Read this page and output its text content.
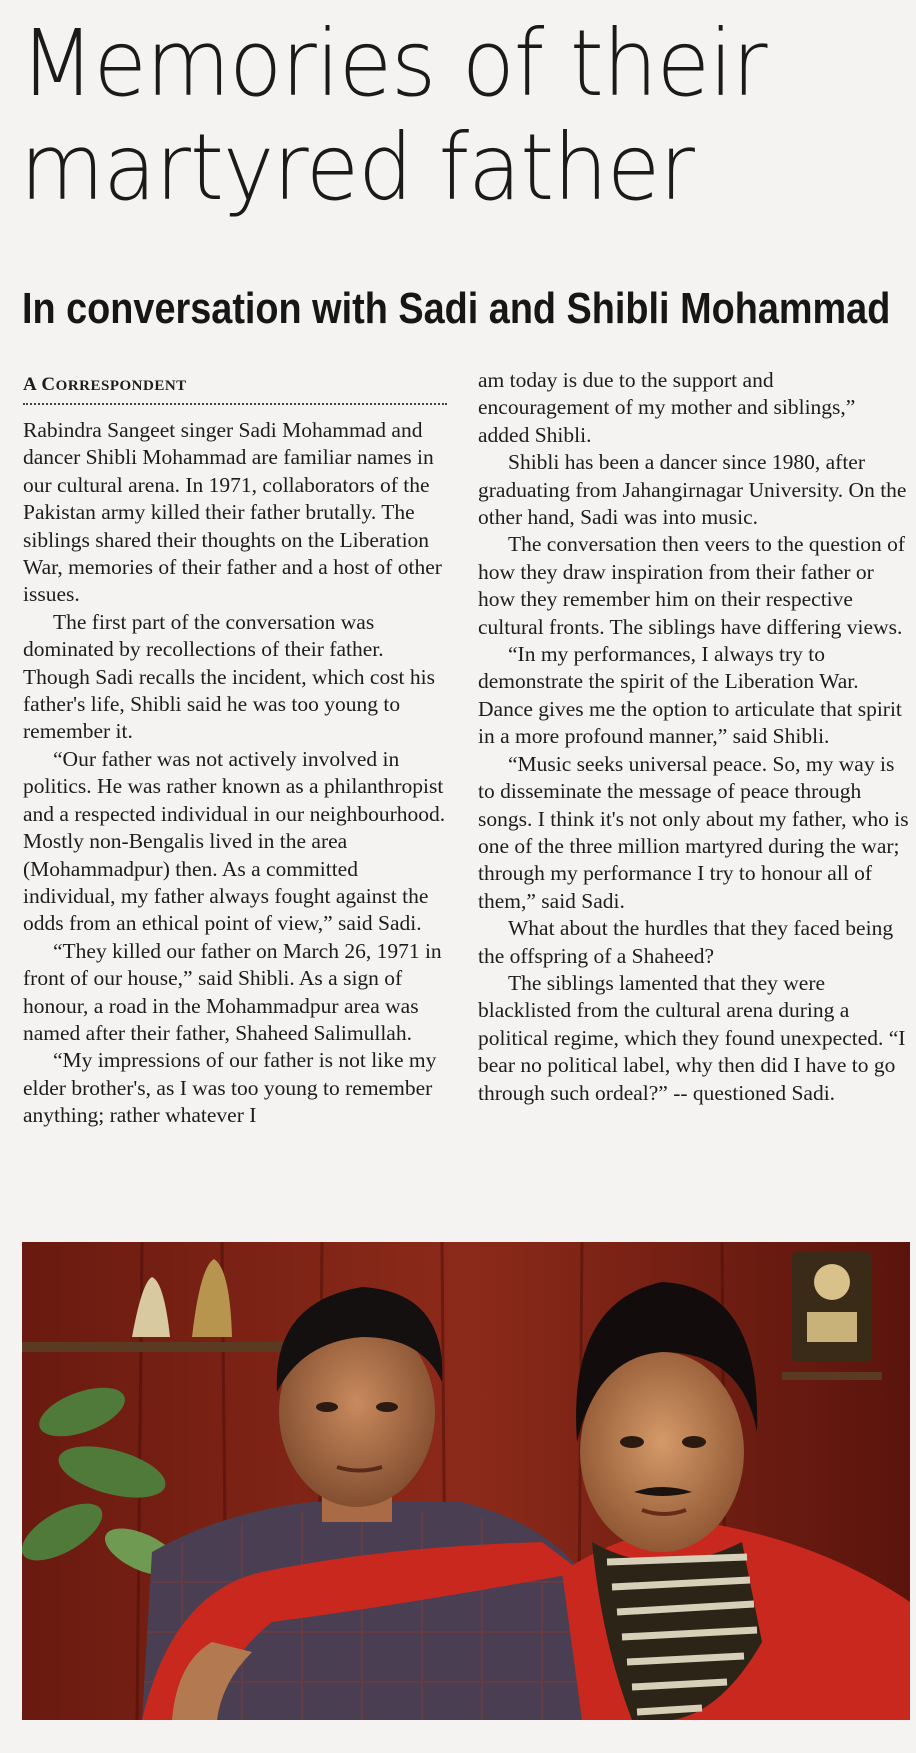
Memories of their
martyred father
In conversation with Sadi and Shibli Mohammad
A CORRESPONDENT

Rabindra Sangeet singer Sadi Mohammad and dancer Shibli Mohammad are familiar names in our cultural arena. In 1971, collaborators of the Pakistan army killed their father brutally. The siblings shared their thoughts on the Liberation War, memories of their father and a host of other issues.

The first part of the conversation was dominated by recollections of their father. Though Sadi recalls the incident, which cost his father's life, Shibli said he was too young to remember it.

“Our father was not actively involved in politics. He was rather known as a philanthropist and a respected individual in our neighbourhood. Mostly non-Bengalis lived in the area (Mohammadpur) then. As a committed individual, my father always fought against the odds from an ethical point of view,” said Sadi.

“They killed our father on March 26, 1971 in front of our house,” said Shibli. As a sign of honour, a road in the Mohammadpur area was named after their father, Shaheed Salimullah.

“My impressions of our father is not like my elder brother's, as I was too young to remember anything; rather whatever I

am today is due to the support and encouragement of my mother and siblings,” added Shibli.

Shibli has been a dancer since 1980, after graduating from Jahangirnagar University. On the other hand, Sadi was into music.

The conversation then veers to the question of how they draw inspiration from their father or how they remember him on their respective cultural fronts. The siblings have differing views.

“In my performances, I always try to demonstrate the spirit of the Liberation War. Dance gives me the option to articulate that spirit in a more profound manner,” said Shibli.

“Music seeks universal peace. So, my way is to disseminate the message of peace through songs. I think it's not only about my father, who is one of the three million martyred during the war; through my performance I try to honour all of them,” said Sadi.

What about the hurdles that they faced being the offspring of a Shaheed?

The siblings lamented that they were blacklisted from the cultural arena during a political regime, which they found unexpected. “I bear no political label, why then did I have to go through such ordeal?” -- questioned Sadi.
